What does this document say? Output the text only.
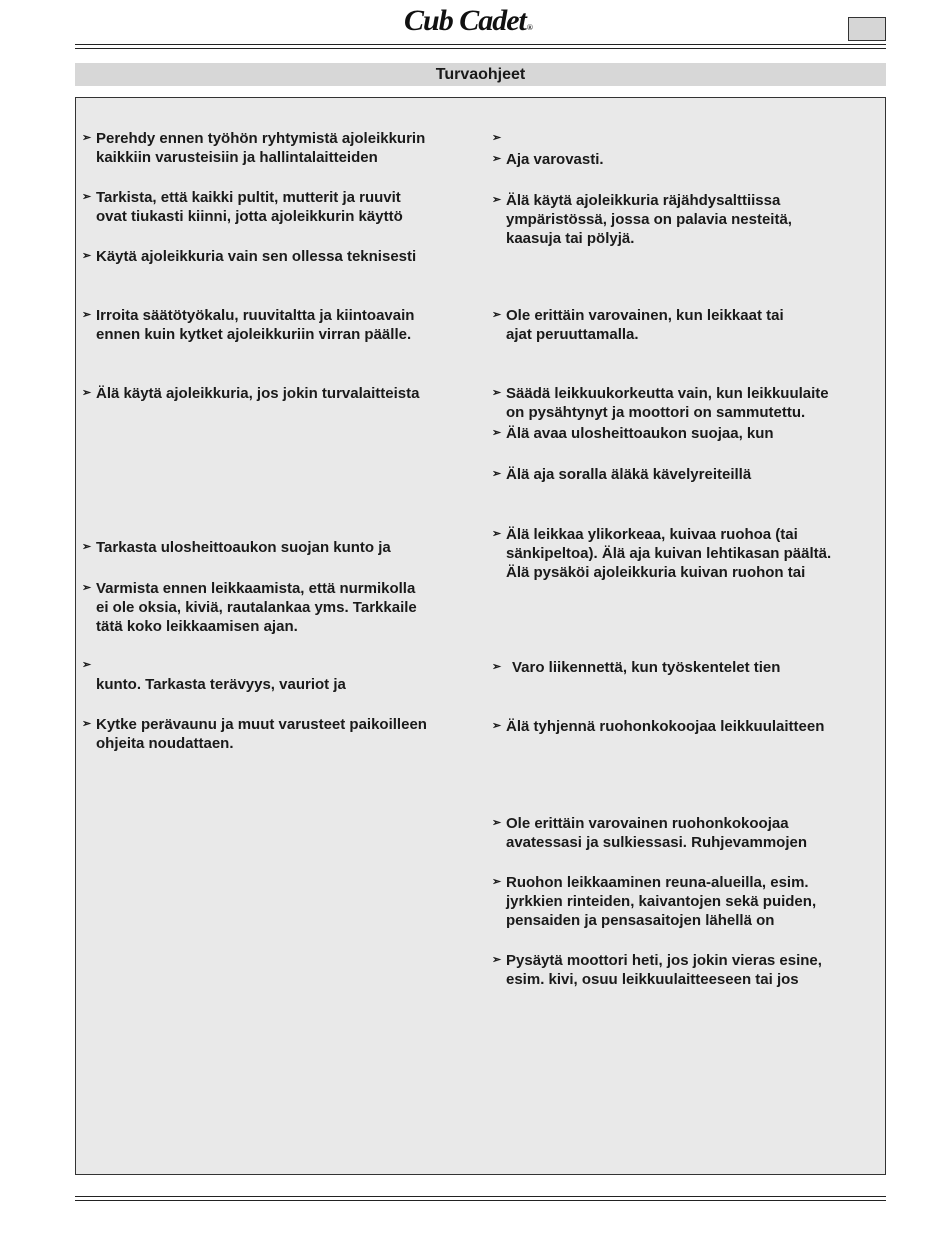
Cub Cadet®
Turvaohjeet
➢ Perehdy ennen työhön ryhtymistä ajoleikkurin
kaikkiin varusteisiin ja hallintalaitteiden
➢ Tarkista, että kaikki pultit, mutterit ja ruuvit
ovat tiukasti kiinni, jotta ajoleikkurin käyttö
➢ Käytä ajoleikkuria vain sen ollessa teknisesti
➢ Irroita säätötyökalu, ruuvitaltta ja kiintoavain
ennen kuin kytket ajoleikkuriin virran päälle.
➢ Älä käytä ajoleikkuria, jos jokin turvalaitteista
➢ Tarkasta ulosheittoaukon suojan kunto ja
➢ Varmista ennen leikkaamista, että nurmikolla
ei ole oksia, kiviä, rautalankaa yms. Tarkkaile
tätä koko leikkaamisen ajan.
➢

kunto. Tarkasta terävyys, vauriot ja
➢ Kytke perävaunu ja muut varusteet paikoilleen
ohjeita noudattaen.
➢

➢ Aja varovasti.
➢ Älä käytä ajoleikkuria räjähdysalttiissa
ympäristössä, jossa on palavia nesteitä,
kaasuja tai pölyjä.
➢ Ole erittäin varovainen, kun leikkaat tai
ajat peruuttamalla.
➢ Säädä leikkuukorkeutta vain, kun leikkuulaite
on pysähtynyt ja moottori on sammutettu.
➢ Älä avaa ulosheittoaukon suojaa, kun
➢ Älä aja soralla äläkä kävelyreiteillä
➢ Älä leikkaa ylikorkeaa, kuivaa ruohoa (tai
sänkipeltoa). Älä aja kuivan lehtikasan päältä.
Älä pysäköi ajoleikkuria kuivan ruohon tai
➢ Varo liikennettä, kun työskentelet tien
➢ Älä tyhjennä ruohonkokoojaa leikkuulaitteen
➢ Ole erittäin varovainen ruohonkokoojaa
avatessasi ja sulkiessasi. Ruhjevammojen
➢ Ruohon leikkaaminen reuna-alueilla, esim.
jyrkkien rinteiden, kaivantojen sekä puiden,
pensaiden ja pensasaitojen lähellä on
➢ Pysäytä moottori heti, jos jokin vieras esine,
esim. kivi, osuu leikkuulaitteeseen tai jos
